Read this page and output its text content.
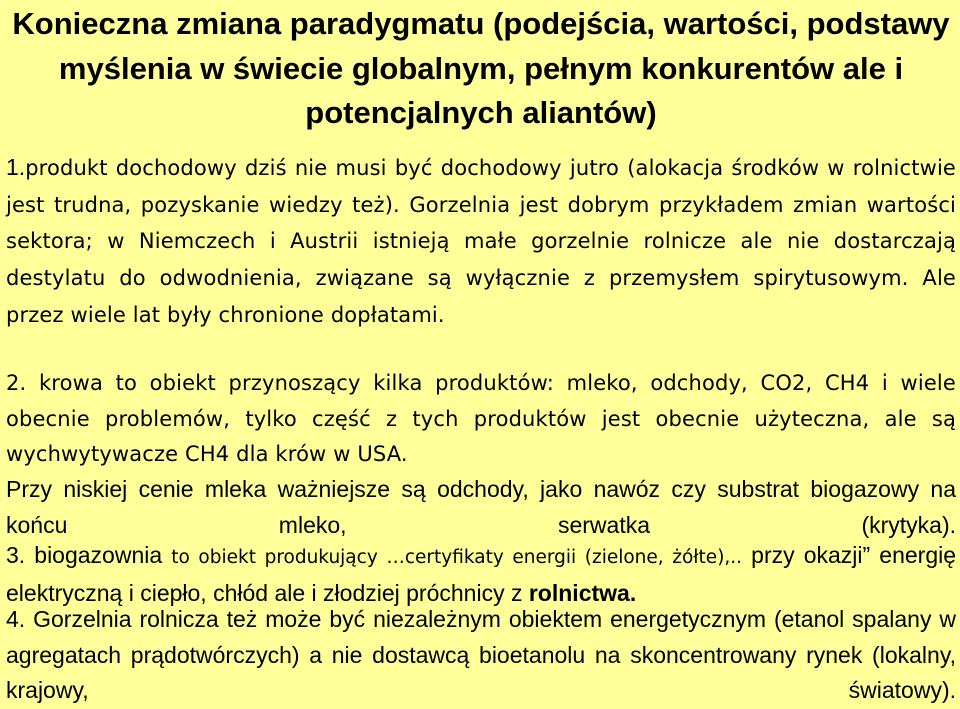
Konieczna zmiana paradygmatu (podejścia, wartości, podstawy myślenia w świecie globalnym, pełnym konkurentów ale i potencjalnych aliantów)
1.produkt dochodowy dziś nie musi być dochodowy jutro (alokacja środków w rolnictwie jest trudna, pozyskanie wiedzy też). Gorzelnia jest dobrym przykładem zmian wartości sektora; w Niemczech i Austrii istnieją małe gorzelnie rolnicze ale nie dostarczają destylatu do odwodnienia, związane są wyłącznie z przemysłem spirytusowym. Ale przez wiele lat były chronione dopłatami.
2. krowa to obiekt przynoszący kilka produktów: mleko, odchody, CO2, CH4 i wiele obecnie problemów, tylko część z tych produktów jest obecnie użyteczna, ale są wychwytywacze CH4 dla krów w USA.
Przy niskiej cenie mleka ważniejsze są odchody, jako nawóz czy substrat biogazowy na końcu mleko, serwatka (krytyka).
3. biogazownia to obiekt produkujący …certyfikaty energii (zielone, żółte),.. przy okazji” energię elektryczną i ciepło, chłód ale i złodziej próchnicy z rolnictwa.
4. Gorzelnia rolnicza też może być niezależnym obiektem energetycznym (etanol spalany w agregatach prądotwórczych) a nie dostawcą bioetanolu na skoncentrowany rynek (lokalny, krajowy, światowy).
